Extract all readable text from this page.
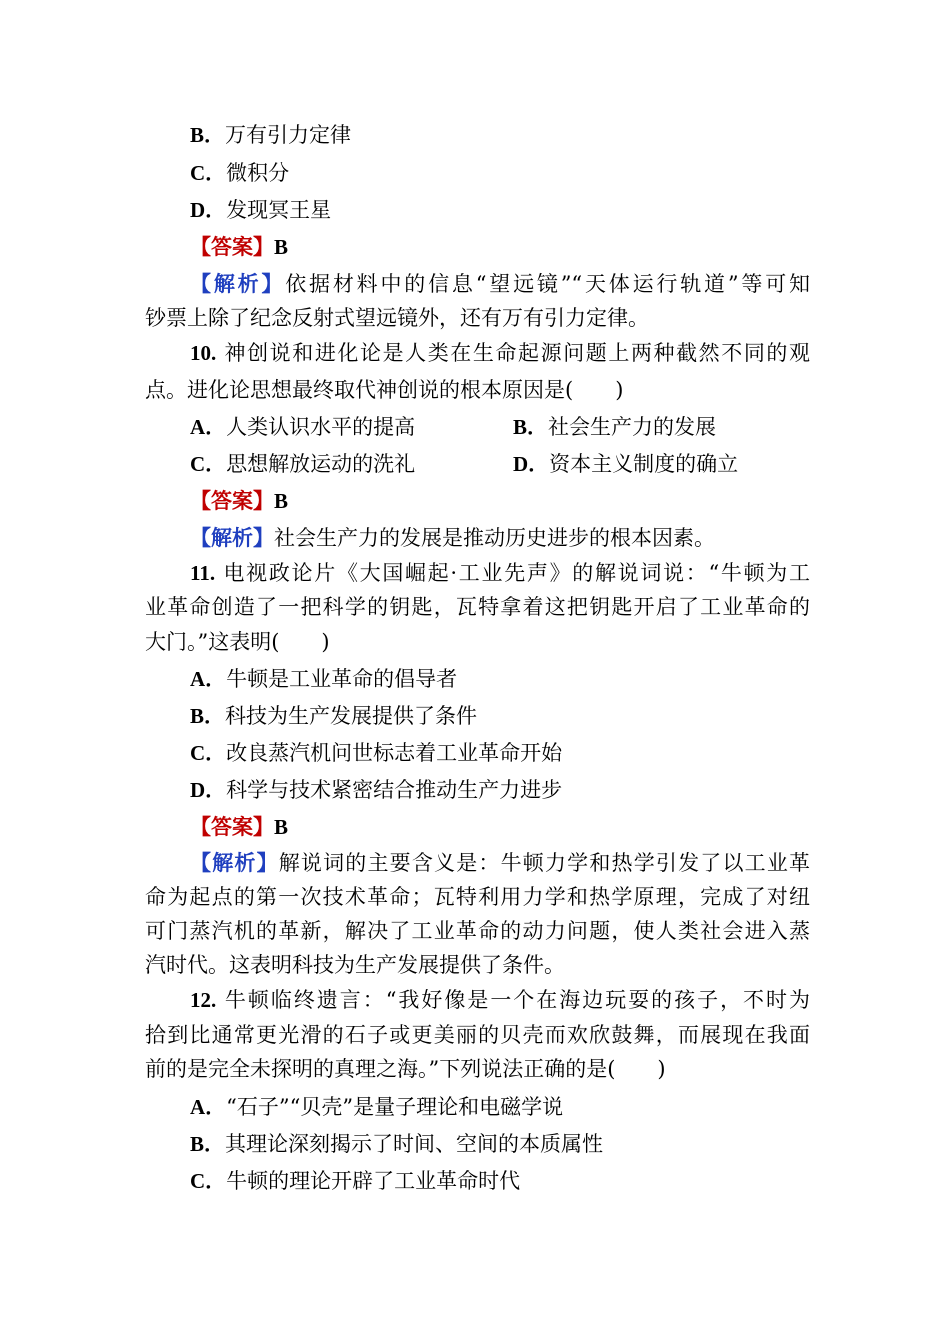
B．万有引力定律
C．微积分
D．发现冥王星
【答案】B
【解析】依据材料中的信息“望远镜”“天体运行轨道”等可知
钞票上除了纪念反射式望远镜外，还有万有引力定律。
10. 神创说和进化论是人类在生命起源问题上两种截然不同的观
点。进化论思想最终取代神创说的根本原因是(　　)
A．人类认识水平的提高	B．社会生产力的发展
C．思想解放运动的洗礼	D．资本主义制度的确立
【答案】B
【解析】社会生产力的发展是推动历史进步的根本因素。
11. 电视政论片《大国崛起·工业先声》的解说词说：“牛顿为工
业革命创造了一把科学的钥匙，瓦特拿着这把钥匙开启了工业革命的
大门。”这表明(　　)
A．牛顿是工业革命的倡导者
B．科技为生产发展提供了条件
C．改良蒸汽机问世标志着工业革命开始
D．科学与技术紧密结合推动生产力进步
【答案】B
【解析】解说词的主要含义是：牛顿力学和热学引发了以工业革
命为起点的第一次技术革命；瓦特利用力学和热学原理，完成了对纽
可门蒸汽机的革新，解决了工业革命的动力问题，使人类社会进入蒸
汽时代。这表明科技为生产发展提供了条件。
12. 牛顿临终遗言：“我好像是一个在海边玩耍的孩子，不时为
拾到比通常更光滑的石子或更美丽的贝壳而欢欣鼓舞，而展现在我面
前的是完全未探明的真理之海。”下列说法正确的是(　　)
A．“石子”“贝壳”是量子理论和电磁学说
B．其理论深刻揭示了时间、空间的本质属性
C．牛顿的理论开辟了工业革命时代
